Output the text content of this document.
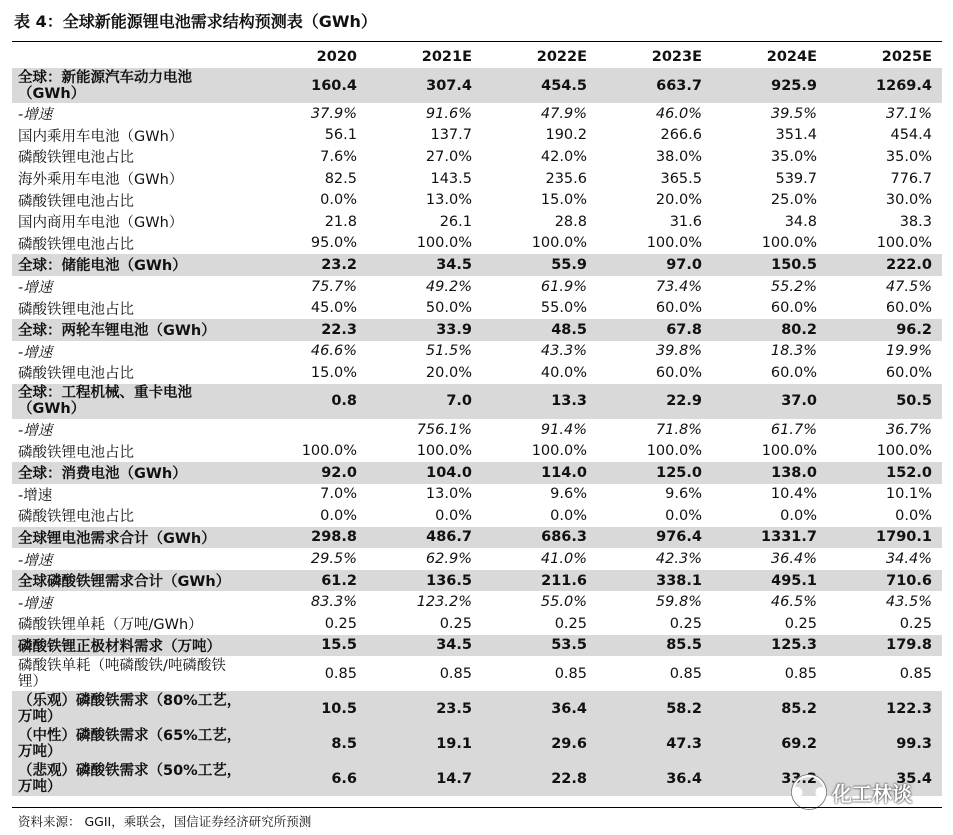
表 4：全球新能源锂电池需求结构预测表（GWh）
	2020	2021E	2022E	2023E	2024E	2025E
全球：新能源汽车动力电池（GWh）	160.4	307.4	454.5	663.7	925.9	1269.4
-增速	37.9%	91.6%	47.9%	46.0%	39.5%	37.1%
国内乘用车电池（GWh）	56.1	137.7	190.2	266.6	351.4	454.4
磷酸铁锂电池占比	7.6%	27.0%	42.0%	38.0%	35.0%	35.0%
海外乘用车电池（GWh）	82.5	143.5	235.6	365.5	539.7	776.7
磷酸铁锂电池占比	0.0%	13.0%	15.0%	20.0%	25.0%	30.0%
国内商用车电池（GWh）	21.8	26.1	28.8	31.6	34.8	38.3
磷酸铁锂电池占比	95.0%	100.0%	100.0%	100.0%	100.0%	100.0%
全球：储能电池（GWh）	23.2	34.5	55.9	97.0	150.5	222.0
-增速	75.7%	49.2%	61.9%	73.4%	55.2%	47.5%
磷酸铁锂电池占比	45.0%	50.0%	55.0%	60.0%	60.0%	60.0%
全球：两轮车锂电池（GWh）	22.3	33.9	48.5	67.8	80.2	96.2
-增速	46.6%	51.5%	43.3%	39.8%	18.3%	19.9%
磷酸铁锂电池占比	15.0%	20.0%	40.0%	60.0%	60.0%	60.0%
全球：工程机械、重卡电池（GWh）	0.8	7.0	13.3	22.9	37.0	50.5
-增速		756.1%	91.4%	71.8%	61.7%	36.7%
磷酸铁锂电池占比	100.0%	100.0%	100.0%	100.0%	100.0%	100.0%
全球：消费电池（GWh）	92.0	104.0	114.0	125.0	138.0	152.0
-增速	7.0%	13.0%	9.6%	9.6%	10.4%	10.1%
磷酸铁锂电池占比	0.0%	0.0%	0.0%	0.0%	0.0%	0.0%
全球锂电池需求合计（GWh）	298.8	486.7	686.3	976.4	1331.7	1790.1
-增速	29.5%	62.9%	41.0%	42.3%	36.4%	34.4%
全球磷酸铁锂需求合计（GWh）	61.2	136.5	211.6	338.1	495.1	710.6
-增速	83.3%	123.2%	55.0%	59.8%	46.5%	43.5%
磷酸铁锂单耗（万吨/GWh）	0.25	0.25	0.25	0.25	0.25	0.25
磷酸铁锂正极材料需求（万吨）	15.5	34.5	53.5	85.5	125.3	179.8
磷酸铁单耗（吨磷酸铁/吨磷酸铁锂）	0.85	0.85	0.85	0.85	0.85	0.85
（乐观）磷酸铁需求（80%工艺，万吨）	10.5	23.5	36.4	58.2	85.2	122.3
（中性）磷酸铁需求（65%工艺，万吨）	8.5	19.1	29.6	47.3	69.2	99.3
（悲观）磷酸铁需求（50%工艺，万吨）	6.6	14.7	22.8	36.4	33.2	35.4
资料来源： GGII，乘联会，国信证券经济研究所预测
●‿● 化工林谈
